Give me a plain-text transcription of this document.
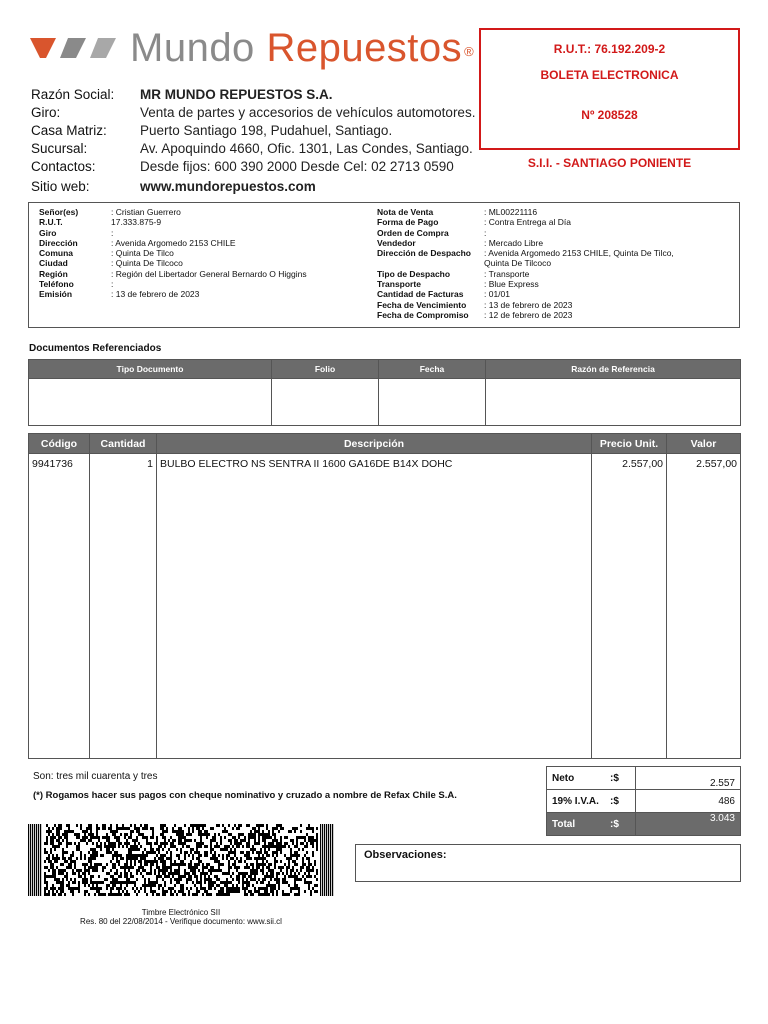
Mundo Repuestos ®
Razón Social:	MR MUNDO REPUESTOS S.A.
Giro:	Venta de partes y accesorios de vehículos automotores.
Casa Matriz:	Puerto Santiago 198, Pudahuel, Santiago.
Sucursal:	Av. Apoquindo 4660, Ofic. 1301, Las Condes, Santiago.
Contactos:	Desde fijos: 600 390 2000 Desde Cel: 02 2713 0590
Sitio web:	www.mundorepuestos.com
R.U.T.: 76.192.209-2
BOLETA ELECTRONICA
Nº 208528
S.I.I. - SANTIAGO PONIENTE
Señor(es)	: Cristian Guerrero
R.U.T.	17.333.875-9
Giro	:
Dirección	: Avenida Argomedo 2153 CHILE
Comuna	: Quinta De Tilco
Ciudad	: Quinta De Tilcoco
Región	: Región del Libertador General Bernardo O Higgins
Teléfono	:
Emisión	: 13 de febrero de 2023
Nota de Venta	: ML00221116
Forma de Pago	: Contra Entrega al Día
Orden de Compra	:
Vendedor	: Mercado Libre
Dirección de Despacho	: Avenida Argomedo 2153 CHILE, Quinta De Tilco,
Quinta De Tilcoco
Tipo de Despacho	: Transporte
Transporte	: Blue Express
Cantidad de Facturas	: 01/01
Fecha de Vencimiento	: 13 de febrero de 2023
Fecha de Compromiso	: 12 de febrero de 2023
Documentos Referenciados
Tipo Documento	Folio	Fecha	Razón de Referencia

Código	Cantidad	Descripción	Precio Unit.	Valor
9941736	1	BULBO ELECTRO NS SENTRA II 1600 GA16DE B14X DOHC	2.557,00	2.557,00
Son: tres mil cuarenta y tres
(*) Rogamos hacer sus pagos con cheque nominativo y cruzado a nombre de Refax Chile S.A.
Neto	:$	2.557
19% I.V.A.	:$	486
Total	:$	3.043
Timbre Electrónico SII
Res. 80 del 22/08/2014 - Verifique documento: www.sii.cl
Observaciones:
